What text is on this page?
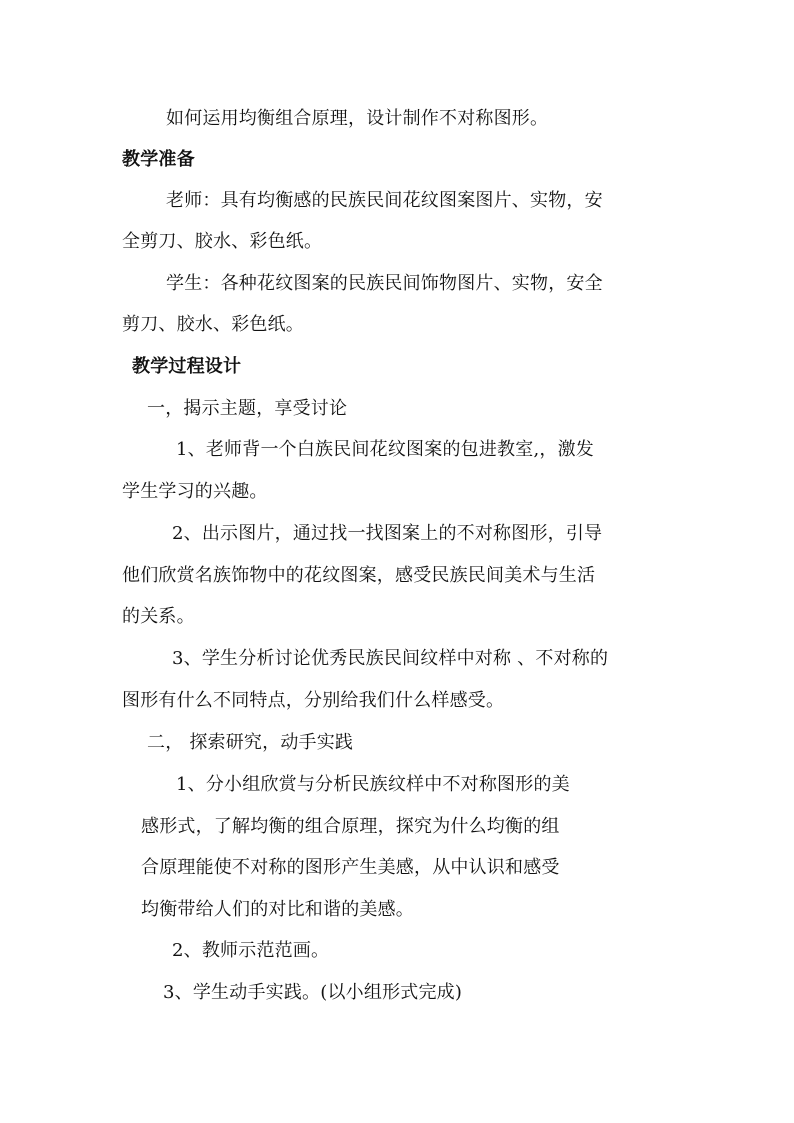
如何运用均衡组合原理，设计制作不对称图形。
教学准备
老师：具有均衡感的民族民间花纹图案图片、实物，安
全剪刀、胶水、彩色纸。
学生：各种花纹图案的民族民间饰物图片、实物，安全
剪刀、胶水、彩色纸。
教学过程设计
一，揭示主题，享受讨论
1、老师背一个白族民间花纹图案的包进教室,，激发
学生学习的兴趣。
2、出示图片，通过找一找图案上的不对称图形，引导
他们欣赏名族饰物中的花纹图案，感受民族民间美术与生活
的关系。
3、学生分析讨论优秀民族民间纹样中对称 、不对称的
图形有什么不同特点，分别给我们什么样感受。
二， 探索研究，动手实践
1、分小组欣赏与分析民族纹样中不对称图形的美
感形式，了解均衡的组合原理，探究为什么均衡的组
合原理能使不对称的图形产生美感，从中认识和感受
均衡带给人们的对比和谐的美感。
2、教师示范范画。
3、学生动手实践。(以小组形式完成)
